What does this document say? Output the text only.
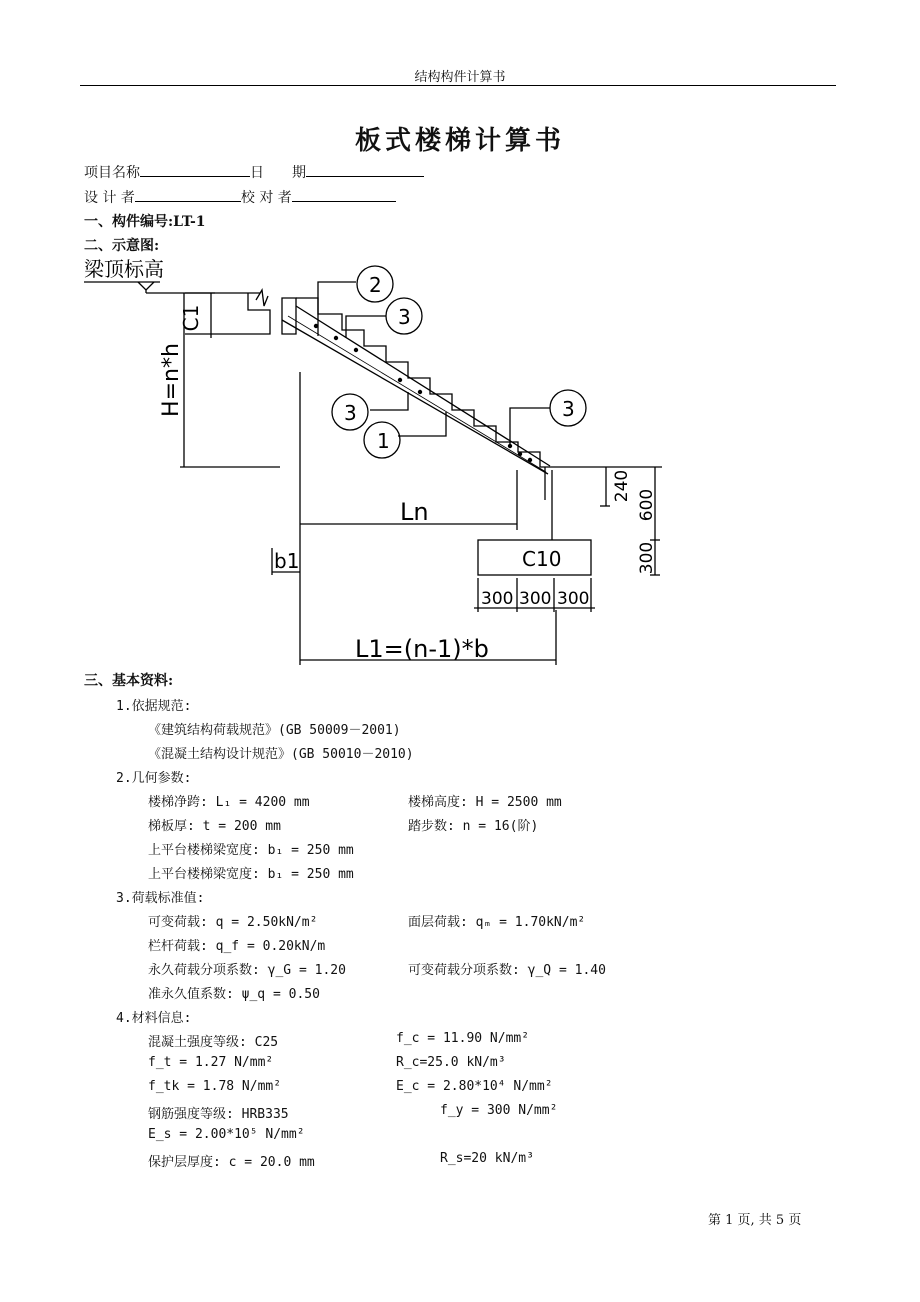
结构构件计算书
板式楼梯计算书
项目名称	日　　期
设 计 者	校 对 者
一、构件编号:LT-1
二、示意图:
梁顶标高
C1
H=n*h
Ln
b1
L1=(n-1)*b
C10
240
600
300
300 300 300
2
3
3
1
3
三、基本资料:
1.依据规范:
《建筑结构荷载规范》(GB 50009－2001)
《混凝土结构设计规范》(GB 50010－2010)
2.几何参数:
楼梯净跨: L₁ = 4200 mm	楼梯高度: H = 2500 mm
梯板厚: t = 200 mm	踏步数: n = 16(阶)
上平台楼梯梁宽度: b₁ = 250 mm
上平台楼梯梁宽度: b₁ = 250 mm
3.荷载标准值:
可变荷载: q = 2.50kN/m²	面层荷载: qₘ = 1.70kN/m²
栏杆荷载: q_f = 0.20kN/m
永久荷载分项系数: γ_G = 1.20	可变荷载分项系数: γ_Q = 1.40
准永久值系数: ψ_q = 0.50
4.材料信息:
混凝土强度等级: C25	f_c = 11.90 N/mm²
f_t = 1.27 N/mm²	R_c=25.0 kN/m³
f_tk = 1.78 N/mm²	E_c = 2.80*10⁴ N/mm²
钢筋强度等级: HRB335	f_y = 300 N/mm²
E_s = 2.00*10⁵ N/mm²
保护层厚度: c = 20.0 mm	R_s=20 kN/m³
第 1 页, 共 5 页
